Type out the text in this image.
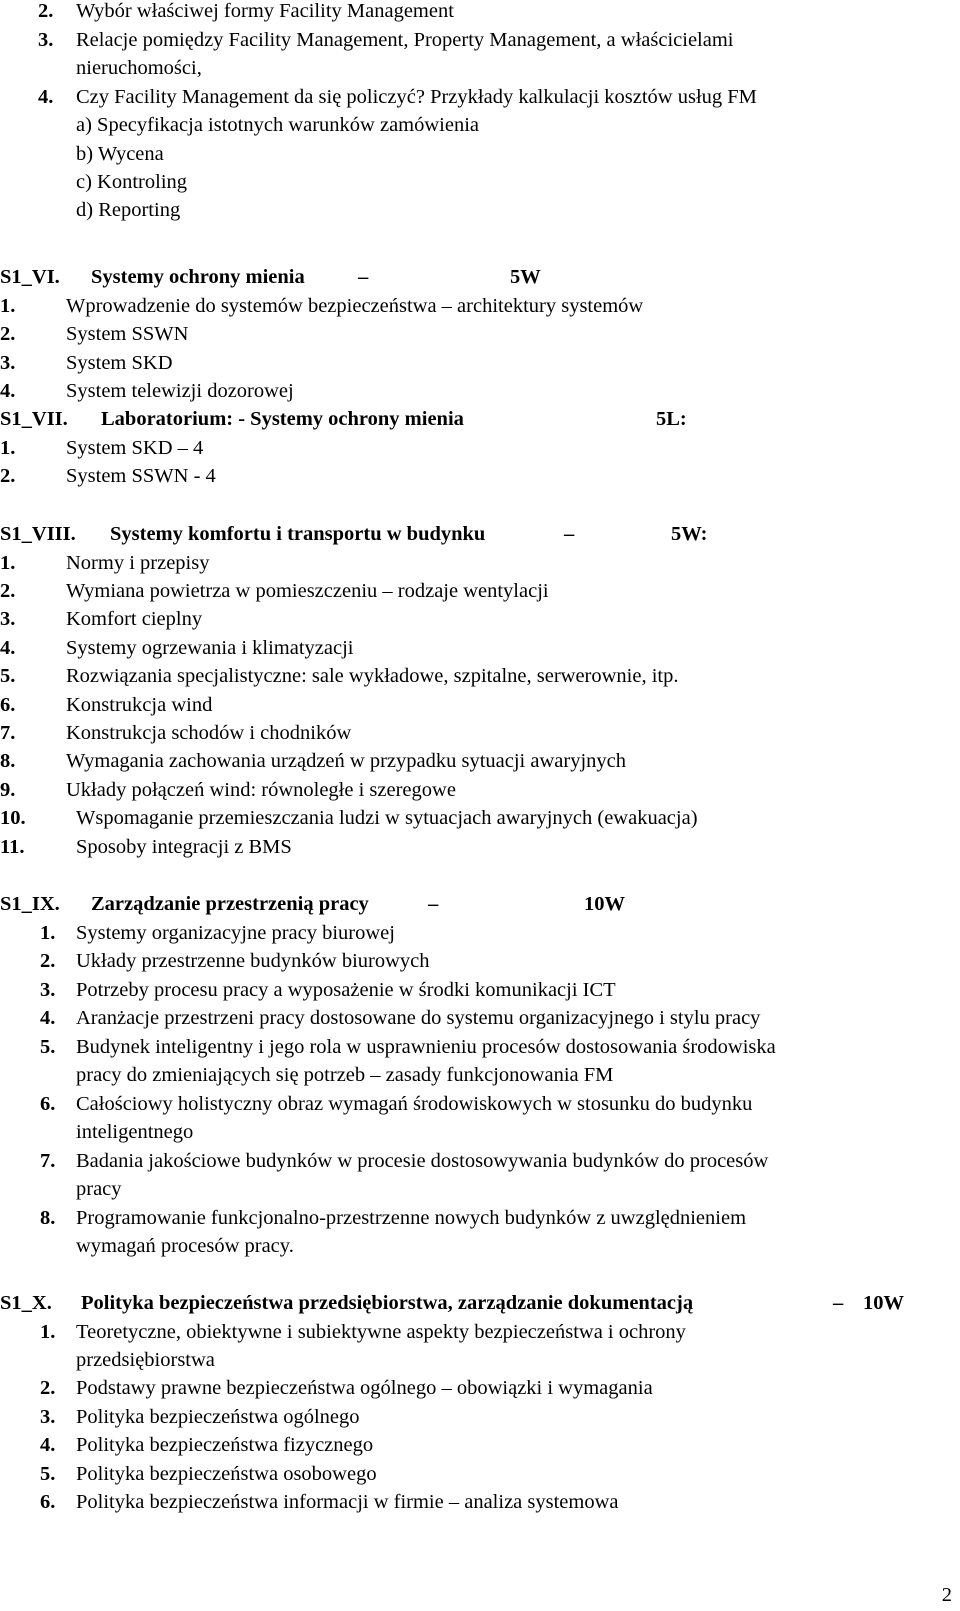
2. Wybór właściwej formy Facility Management
3. Relacje pomiędzy Facility Management, Property Management, a właścicielami
nieruchomości,
4. Czy Facility Management da się policzyć? Przykłady kalkulacji kosztów usług FM
a) Specyfikacja istotnych warunków zamówienia
b) Wycena
c) Kontroling
d) Reporting
S1_VI. Systemy ochrony mienia	–	5W
1. Wprowadzenie do systemów bezpieczeństwa – architektury systemów
2. System SSWN
3. System SKD
4. System telewizji dozorowej
S1_VII. Laboratorium: - Systemy ochrony mienia	5L:
1. System SKD – 4
2. System SSWN - 4
S1_VIII. Systemy komfortu i transportu w budynku	–	5W:
1. Normy i przepisy
2. Wymiana powietrza w pomieszczeniu – rodzaje wentylacji
3. Komfort cieplny
4. Systemy ogrzewania i klimatyzacji
5. Rozwiązania specjalistyczne: sale wykładowe, szpitalne, serwerownie, itp.
6. Konstrukcja wind
7. Konstrukcja schodów i chodników
8. Wymagania zachowania urządzeń w przypadku sytuacji awaryjnych
9. Układy połączeń wind: równoległe i szeregowe
10. Wspomaganie przemieszczania ludzi w sytuacjach awaryjnych (ewakuacja)
11.	Sposoby integracji z BMS
S1_IX. Zarządzanie przestrzenią pracy	–	10W
1. Systemy organizacyjne pracy biurowej
2. Układy przestrzenne budynków biurowych
3. Potrzeby procesu pracy a wyposażenie w środki komunikacji ICT
4. Aranżacje przestrzeni pracy dostosowane do systemu organizacyjnego i stylu pracy
5. Budynek inteligentny i jego rola w usprawnieniu procesów dostosowania środowiska
pracy do zmieniających się potrzeb – zasady funkcjonowania FM
6. Całościowy holistyczny obraz wymagań środowiskowych w stosunku do budynku
inteligentnego
7. Badania jakościowe budynków w procesie dostosowywania budynków do procesów
pracy
8. Programowanie funkcjonalno-przestrzenne nowych budynków z uwzględnieniem
wymagań procesów pracy.
S1_X. Polityka bezpieczeństwa przedsiębiorstwa, zarządzanie dokumentacją	– 10W
1. Teoretyczne, obiektywne i subiektywne aspekty bezpieczeństwa i ochrony
przedsiębiorstwa
2. Podstawy prawne bezpieczeństwa ogólnego – obowiązki i wymagania
3. Polityka bezpieczeństwa ogólnego
4. Polityka bezpieczeństwa fizycznego
5. Polityka bezpieczeństwa osobowego
6. Polityka bezpieczeństwa informacji w firmie – analiza systemowa
2
